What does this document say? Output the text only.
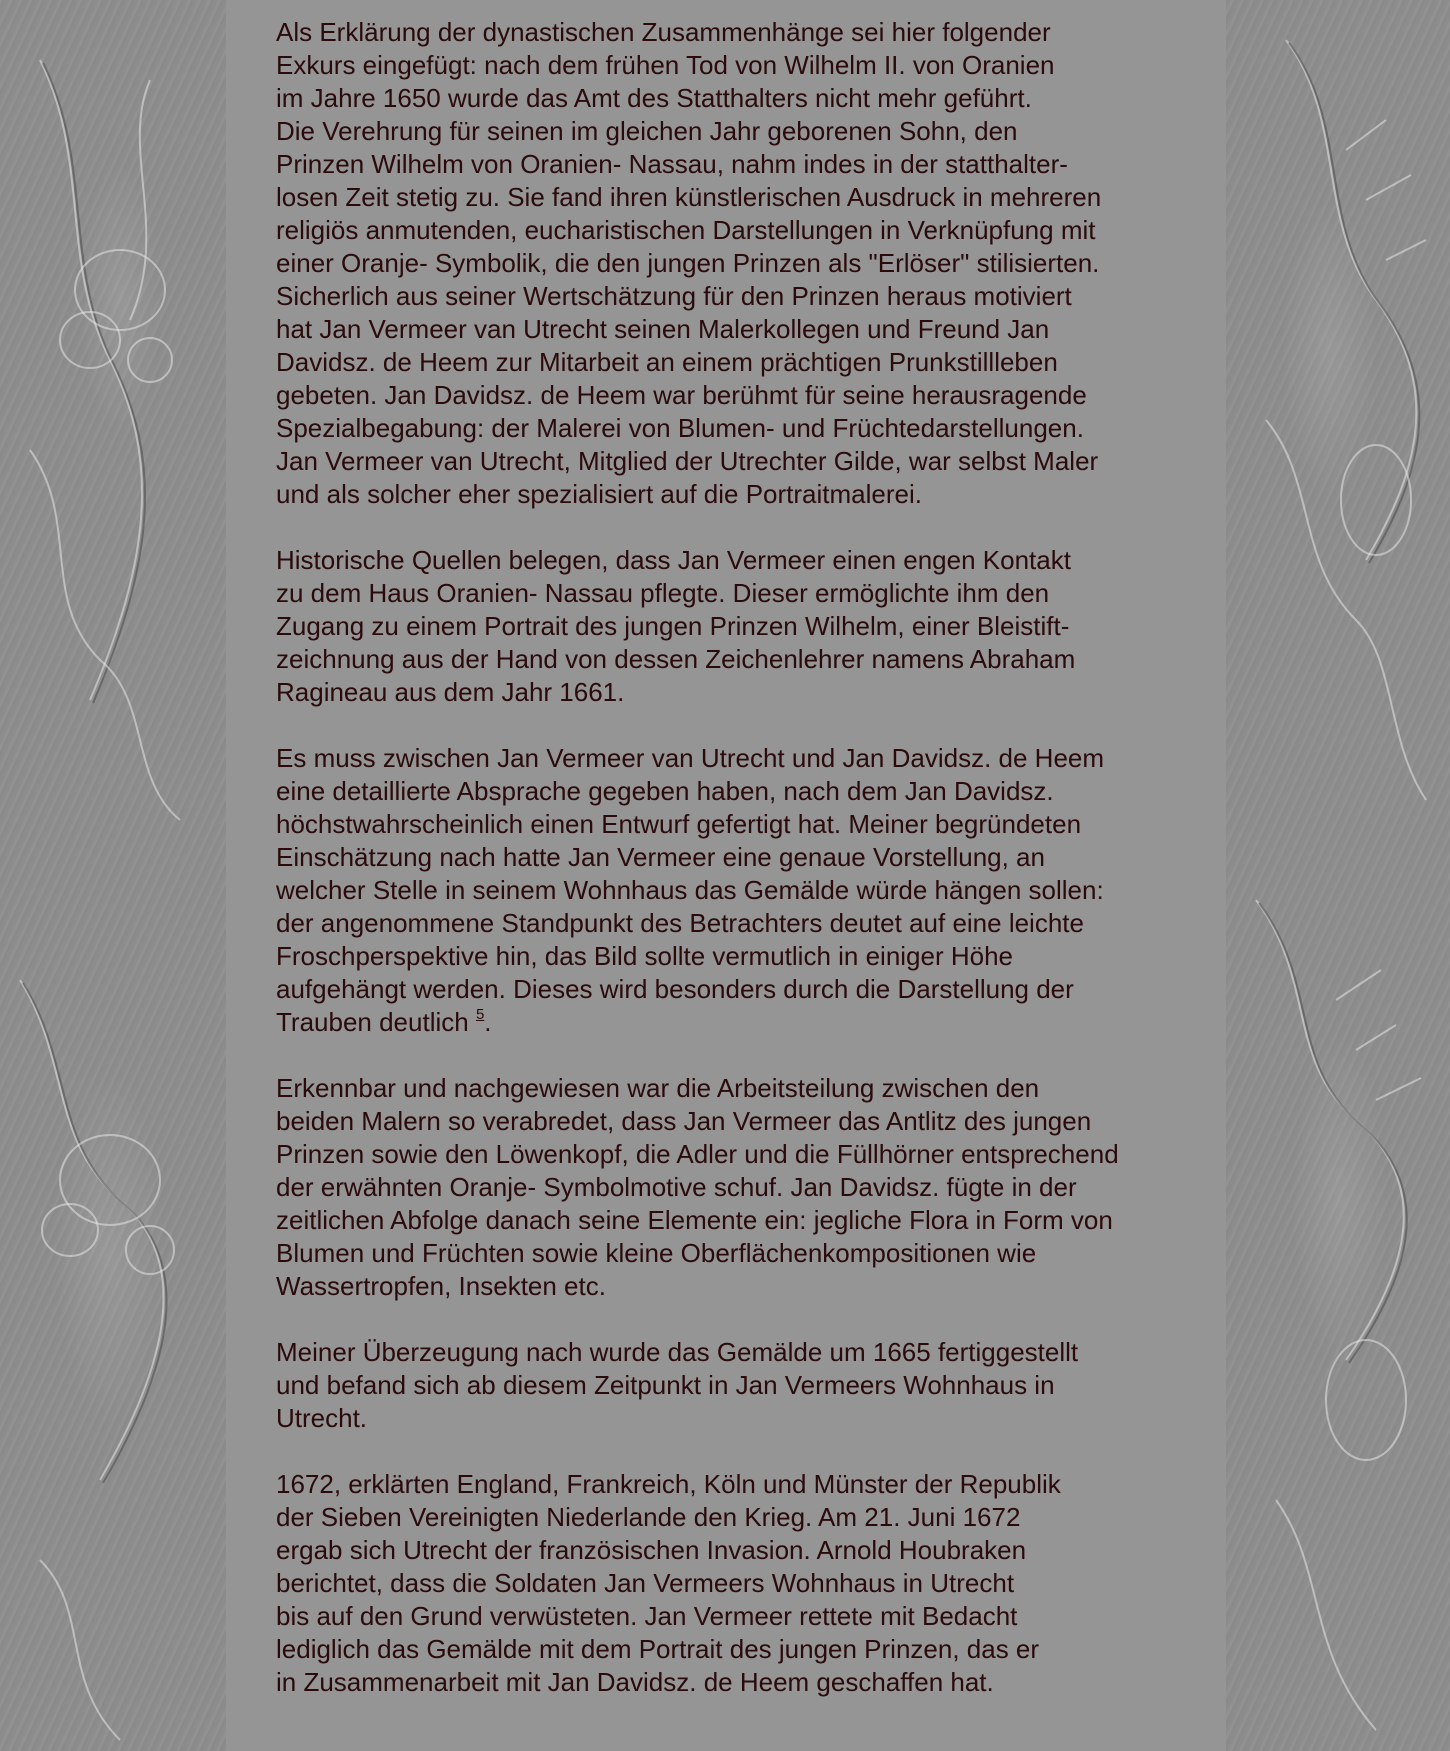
Als Erklärung der dynastischen Zusammenhänge sei hier folgender
Exkurs eingefügt: nach dem frühen Tod von Wilhelm II. von Oranien
im Jahre 1650 wurde das Amt des Statthalters nicht mehr geführt.
Die Verehrung für seinen im gleichen Jahr geborenen Sohn, den
Prinzen Wilhelm von Oranien- Nassau, nahm indes in der statthalter-
losen Zeit stetig zu. Sie fand ihren künstlerischen Ausdruck in mehreren
religiös anmutenden, eucharistischen Darstellungen in Verknüpfung mit
einer Oranje- Symbolik, die den jungen Prinzen als "Erlöser" stilisierten.
Sicherlich aus seiner Wertschätzung für den Prinzen heraus motiviert
hat Jan Vermeer van Utrecht seinen Malerkollegen und Freund Jan
Davidsz. de Heem zur Mitarbeit an einem prächtigen Prunkstillleben
gebeten. Jan Davidsz. de Heem war berühmt für seine herausragende
Spezialbegabung: der Malerei von Blumen- und Früchtedarstellungen.
Jan Vermeer van Utrecht, Mitglied der Utrechter Gilde, war selbst Maler
und als solcher eher spezialisiert auf die Portraitmalerei.

Historische Quellen belegen, dass Jan Vermeer einen engen Kontakt
zu dem Haus Oranien- Nassau pflegte. Dieser ermöglichte ihm den
Zugang zu einem Portrait des jungen Prinzen Wilhelm, einer Bleistift-
zeichnung aus der Hand von dessen Zeichenlehrer namens Abraham
Ragineau aus dem Jahr 1661.

Es muss zwischen Jan Vermeer van Utrecht und Jan Davidsz. de Heem
eine detaillierte Absprache gegeben haben, nach dem Jan Davidsz.
höchstwahrscheinlich einen Entwurf gefertigt hat. Meiner begründeten
Einschätzung nach hatte Jan Vermeer eine genaue Vorstellung, an
welcher Stelle in seinem Wohnhaus das Gemälde würde hängen sollen:
der angenommene Standpunkt des Betrachters deutet auf eine leichte
Froschperspektive hin, das Bild sollte vermutlich in einiger Höhe
aufgehängt werden. Dieses wird besonders durch die Darstellung der
Trauben deutlich $^5$.

Erkennbar und nachgewiesen war die Arbeitsteilung zwischen den
beiden Malern so verabredet, dass Jan Vermeer das Antlitz des jungen
Prinzen sowie den Löwenkopf, die Adler und die Füllhörner entsprechend
der erwähnten Oranje- Symbolmotive schuf. Jan Davidsz. fügte in der
zeitlichen Abfolge danach seine Elemente ein: jegliche Flora in Form von
Blumen und Früchten sowie kleine Oberflächenkompositionen wie
Wassertropfen, Insekten etc.

Meiner Überzeugung nach wurde das Gemälde um 1665 fertiggestellt
und befand sich ab diesem Zeitpunkt in Jan Vermeers Wohnhaus in
Utrecht.

1672, erklärten England, Frankreich, Köln und Münster der Republik
der Sieben Vereinigten Niederlande den Krieg. Am 21. Juni 1672
ergab sich Utrecht der französischen Invasion. Arnold Houbraken
berichtet, dass die Soldaten Jan Vermeers Wohnhaus in Utrecht
bis auf den Grund verwüsteten. Jan Vermeer rettete mit Bedacht
lediglich das Gemälde mit dem Portrait des jungen Prinzen, das er
in Zusammenarbeit mit Jan Davidsz. de Heem geschaffen hat.
